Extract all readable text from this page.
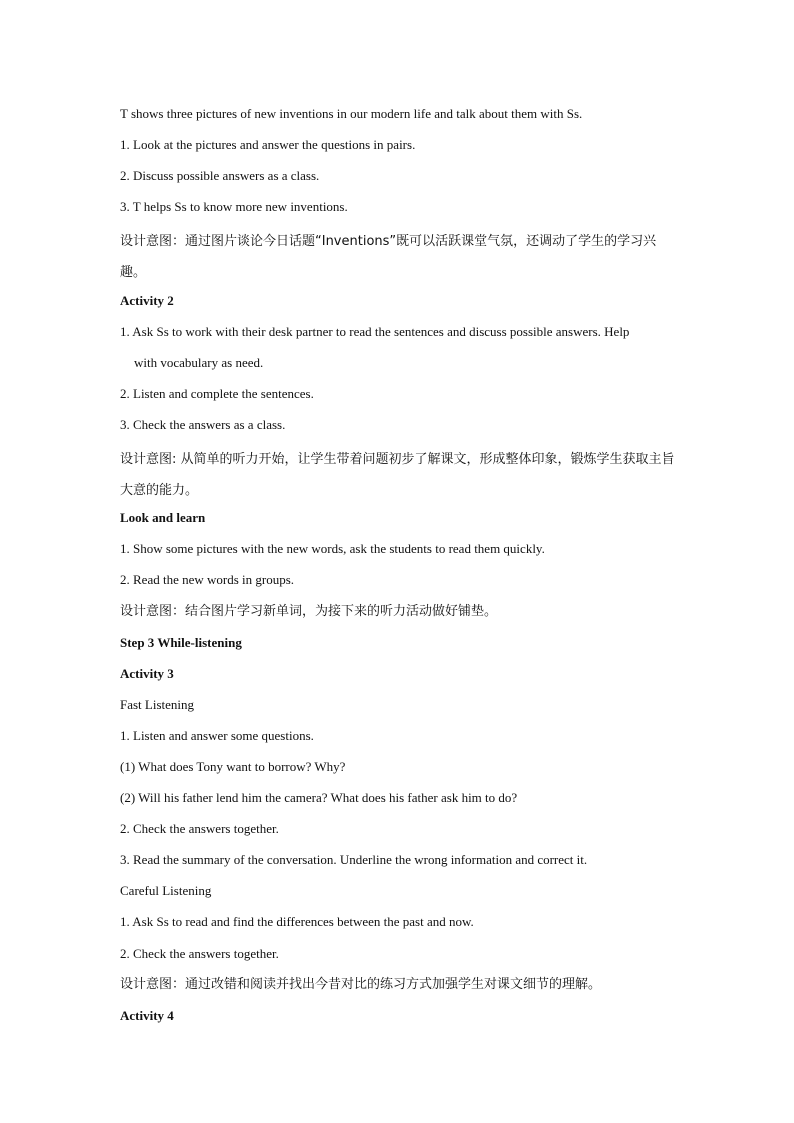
T shows three pictures of new inventions in our modern life and talk about them with Ss.
1. Look at the pictures and answer the questions in pairs.
2. Discuss possible answers as a class.
3. T helps Ss to know more new inventions.
设计意图：通过图片谈论今日话题“Inventions”既可以活跃课堂气氛，还调动了学生的学习兴趣。
Activity 2
1. Ask Ss to work with their desk partner to read the sentences and discuss possible answers. Help
with vocabulary as need.
2. Listen and complete the sentences.
3. Check the answers as a class.
设计意图: 从简单的听力开始，让学生带着问题初步了解课文，形成整体印象，锻炼学生获取主旨大意的能力。
Look and learn
1. Show some pictures with the new words, ask the students to read them quickly.
2. Read the new words in groups.
设计意图：结合图片学习新单词，为接下来的听力活动做好铺垫。
Step 3 While-listening
Activity 3
Fast Listening
1. Listen and answer some questions.
(1) What does Tony want to borrow? Why?
(2) Will his father lend him the camera? What does his father ask him to do?
2. Check the answers together.
3. Read the summary of the conversation. Underline the wrong information and correct it.
Careful Listening
1. Ask Ss to read and find the differences between the past and now.
2. Check the answers together.
设计意图：通过改错和阅读并找出今昔对比的练习方式加强学生对课文细节的理解。
Activity 4
